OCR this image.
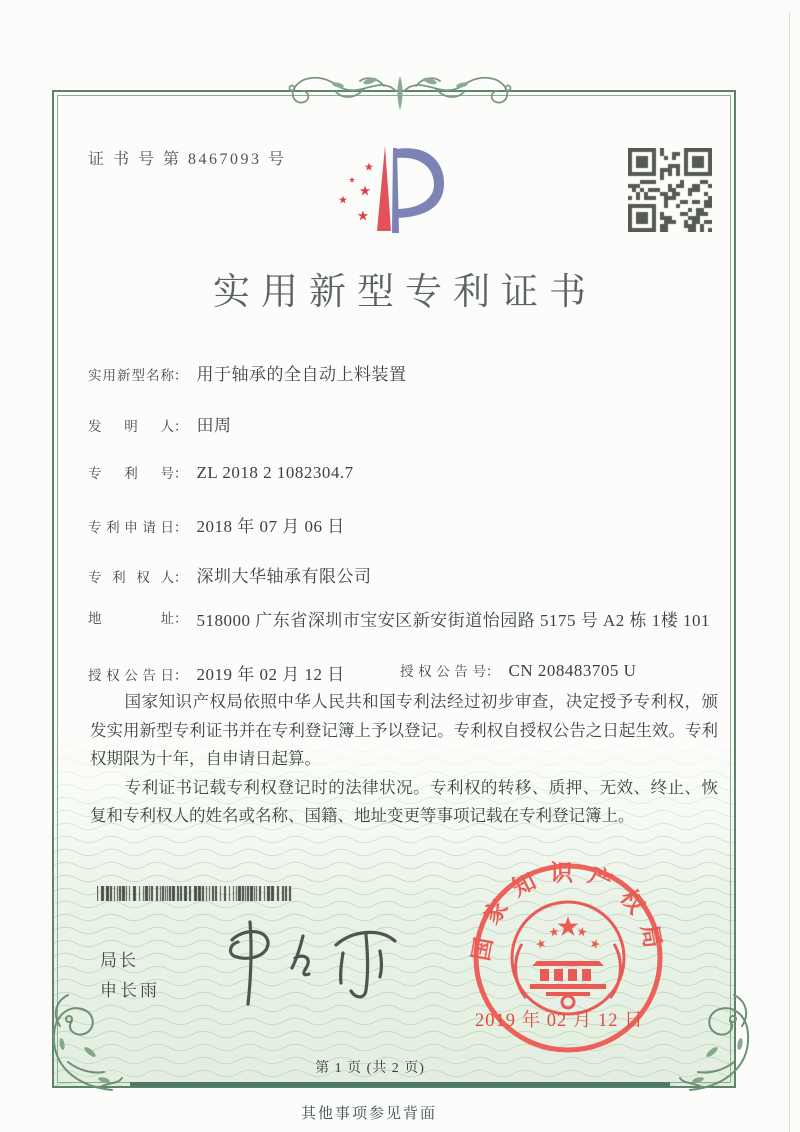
证 书 号 第 8467093 号
实用新型专利证书
实用新型名称： 用于轴承的全自动上料装置
发明人： 田周
专利号： ZL 2018 2 1082304.7
专利申请日： 2018 年 07 月 06 日
专利权人： 深圳大华轴承有限公司
地址： 518000 广东省深圳市宝安区新安街道怡园路 5175 号 A2 栋 1楼 101
授权公告日： 2019 年 02 月 12 日	授权公告号： CN 208483705 U

国家知识产权局依照中华人民共和国专利法经过初步审查，决定授予专利权，颁发实用新型专利证书并在专利登记簿上予以登记。专利权自授权公告之日起生效。专利权期限为十年，自申请日起算。

专利证书记载专利权登记时的法律状况。专利权的转移、质押、无效、终止、恢复和专利权人的姓名或名称、国籍、地址变更等事项记载在专利登记簿上。

局长
申长雨
国家知识产权局
2019 年 02 月 12 日
第 1 页 (共 2 页)
其他事项参见背面
